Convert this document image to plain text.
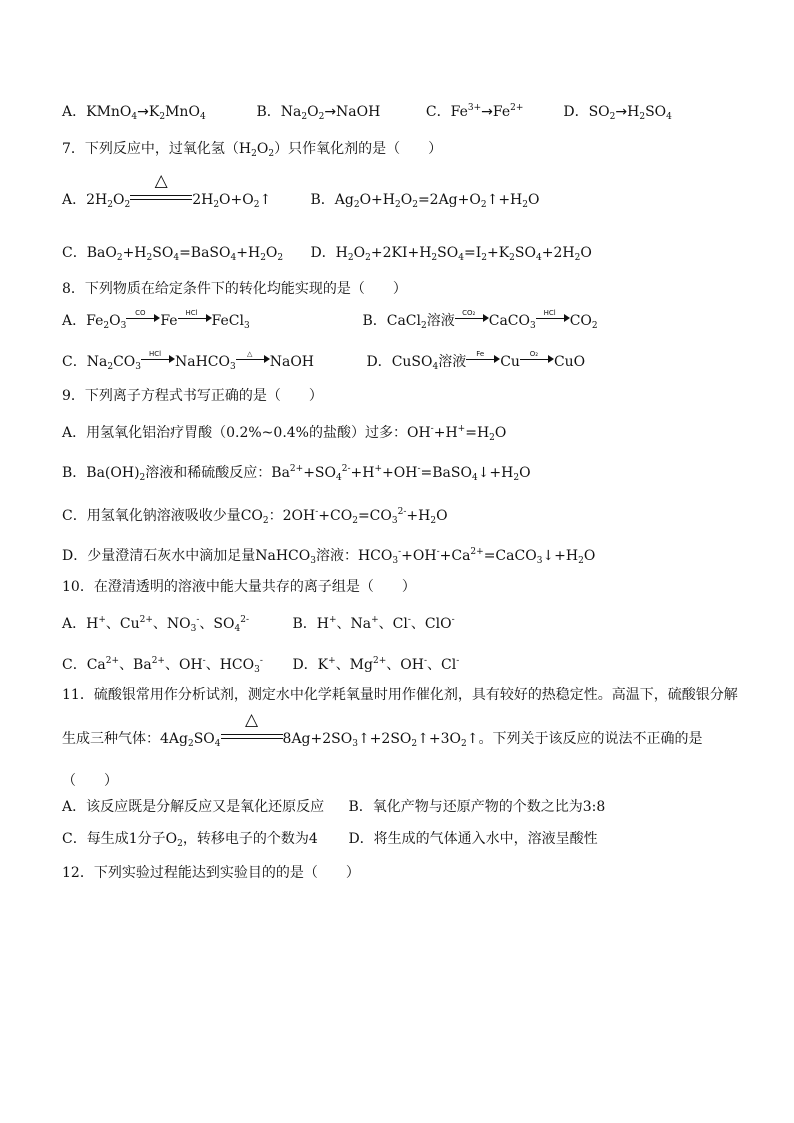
A．$KMnO_4\to K_2MnO_4$	B．$Na_2O_2\to NaOH$	C．$Fe^{3+}\to Fe^{2+}$	D．$SO_2\to H_2SO_4$
7．下列反应中，过氧化氢$(H_2O_2)$只作氧化剂的是（　　）
A．$2H_2O_2$
△
$2H_2O+O_2↑$	B．$Ag_2O+H_2O_2=2Ag+O_2↑+H_2O$
C．$BaO_2+H_2SO_4=BaSO_4+H_2O_2$ D．$H_2O_2+2KI+H_2SO_4=I_2+K_2SO_4+2H_2O$
8．下列物质在给定条件下的转化均能实现的是（　　）
A．$Fe_2O_3$
CO	Fe	HCl FeCl$_3$	B．CaCl$_2$溶液	CO₂ CaCO$_3$
HCl $CO_2$
C．$Na_2CO_3$
HCl NaHCO$_3$
△	NaOH	D．CuSO$_4$溶液	Fe	Cu	O₂	CuO
9．下列离子方程式书写正确的是（　　）
A．用氢氧化铝治疗胃酸（0.2%~0.4%的盐酸）过多：$OH^-+H^+=H_2O$
B．$Ba(OH)_2$溶液和稀硫酸反应：$Ba^{2+}+SO_4^{2-}+H^++OH^-=BaSO_4↓+H_2O$
C．用氢氧化钠溶液吸收少量$CO_2$：$2OH^-+CO_2=CO_3^{2-}+H_2O$
D．少量澄清石灰水中滴加足量NaHCO$_3$溶液：$HCO_3^-+OH^-+Ca^{2+}=CaCO_3↓+H_2O$
10．在澄清透明的溶液中能大量共存的离子组是（　　）
A．H+、$Cu^{2+}$、$NO_3^-$、$SO_4^{2-}$	B．H+、Na+、Cl-、ClO-
C．$Ca^{2+}$、$Ba^{2+}$、OH-、$HCO_3^-$ D．K+、$Mg^{2+}$、OH-、Cl-
11．硫酸银常用作分析试剂，测定水中化学耗氧量时用作催化剂，具有较好的热稳定性。高温下，硫酸银分解
生成三种气体：$4Ag_2SO_4$
△
$8Ag+2SO_3↑+2SO_2↑+3O_2↑$。下列关于该反应的说法不正确的是
（　　）
A．该反应既是分解反应又是氧化还原反应 B．氧化产物与还原产物的个数之比为3:8
C．每生成1分子$O_2$，转移电子的个数为4 D．将生成的气体通入水中，溶液呈酸性
12．下列实验过程能达到实验目的的是（　　）
